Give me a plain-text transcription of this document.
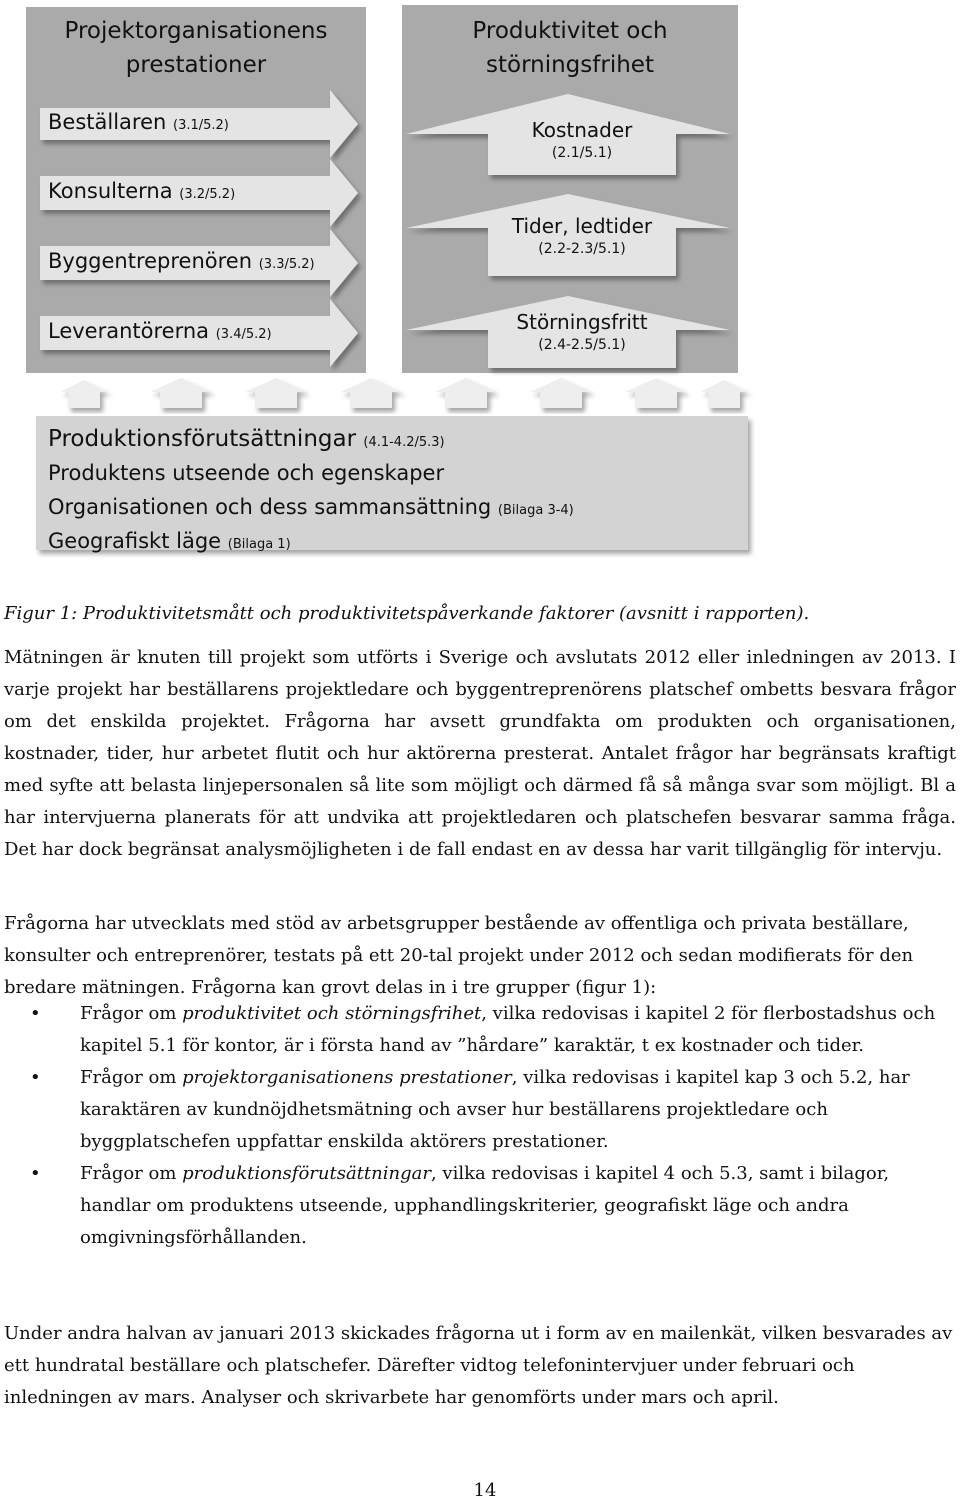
Projektorganisationens
prestationer
Produktivitet och
störningsfrihet
Beställaren (3.1/5.2)
Konsulterna (3.2/5.2)
Byggentreprenören (3.3/5.2)
Leverantörerna (3.4/5.2)
Kostnader
(2.1/5.1)
Tider, ledtider
(2.2-2.3/5.1)
Störningsfritt
(2.4-2.5/5.1)
Produktionsförutsättningar (4.1-4.2/5.3)
Produktens utseende och egenskaper
Organisationen och dess sammansättning (Bilaga 3-4)
Geografiskt läge (Bilaga 1)

Figur 1: Produktivitetsmått och produktivitetspåverkande faktorer (avsnitt i rapporten).

Mätningen är knuten till projekt som utförts i Sverige och avslutats 2012 eller inledningen av 2013. I varje projekt har beställarens projektledare och byggentreprenörens platschef ombetts besvara frågor om det enskilda projektet. Frågorna har avsett grundfakta om produkten och organisationen, kostnader, tider, hur arbetet flutit och hur aktörerna presterat. Antalet frågor har begränsats kraftigt med syfte att belasta linjepersonalen så lite som möjligt och därmed få så många svar som möjligt. Bl a har intervjuerna planerats för att undvika att projektledaren och platschefen besvarar samma fråga. Det har dock begränsat analysmöjligheten i de fall endast en av dessa har varit tillgänglig för intervju.

Frågorna har utvecklats med stöd av arbetsgrupper bestående av offentliga och privata beställare, konsulter och entreprenörer, testats på ett 20-tal projekt under 2012 och sedan modifierats för den bredare mätningen. Frågorna kan grovt delas in i tre grupper (figur 1):

• Frågor om produktivitet och störningsfrihet, vilka redovisas i kapitel 2 för flerbostadshus och kapitel 5.1 för kontor, är i första hand av ”hårdare” karaktär, t ex kostnader och tider.
• Frågor om projektorganisationens prestationer, vilka redovisas i kapitel kap 3 och 5.2, har karaktären av kundnöjdhetsmätning och avser hur beställarens projektledare och byggplatschefen uppfattar enskilda aktörers prestationer.
• Frågor om produktionsförutsättningar, vilka redovisas i kapitel 4 och 5.3, samt i bilagor, handlar om produktens utseende, upphandlingskriterier, geografiskt läge och andra omgivningsförhållanden.

Under andra halvan av januari 2013 skickades frågorna ut i form av en mailenkät, vilken besvarades av ett hundratal beställare och platschefer. Därefter vidtog telefonintervjuer under februari och inledningen av mars. Analyser och skrivarbete har genomförts under mars och april.

14
